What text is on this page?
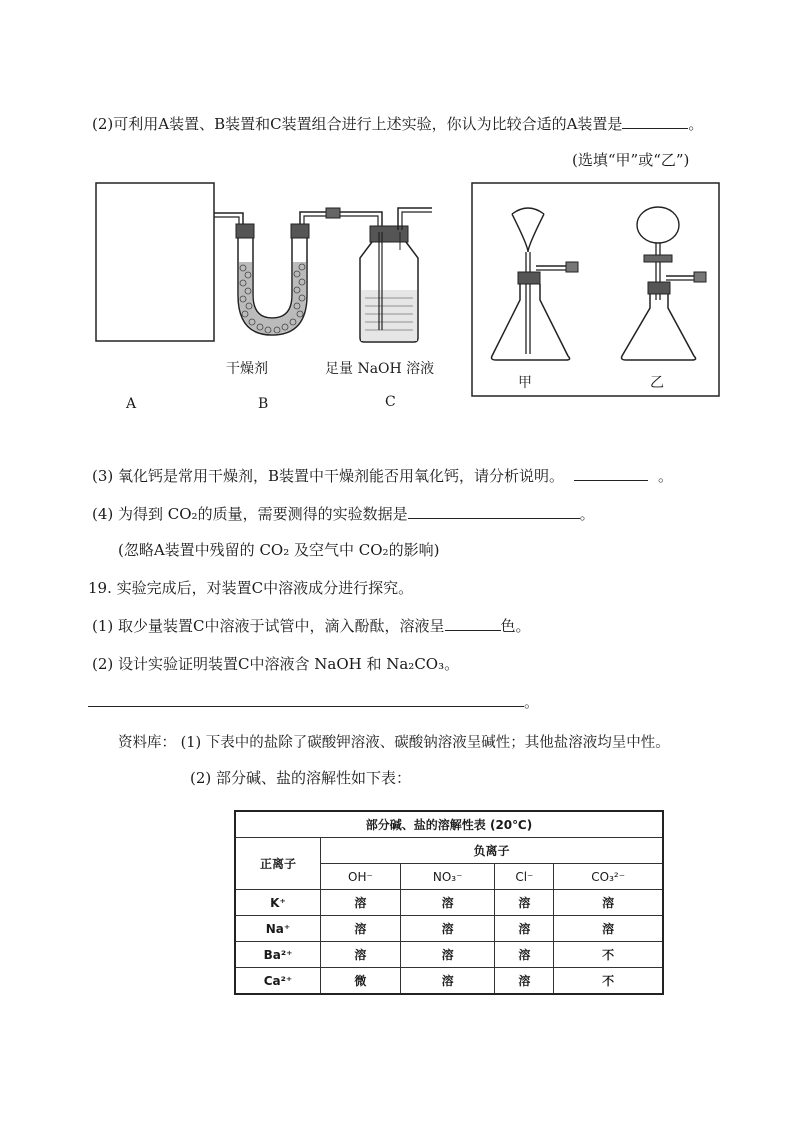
(2)可利用A装置、B装置和C装置组合进行上述实验，你认为比较合适的A装置是	。
(选填“甲”或“乙”)
干燥剂	足量 NaOH 溶液
A	B	C
甲	乙
(3) 氧化钙是常用干燥剂，B装置中干燥剂能否用氧化钙，请分析说明。	。
(4) 为得到 CO₂的质量，需要测得的实验数据是	。
(忽略A装置中残留的 CO₂ 及空气中 CO₂的影响)
19. 实验完成后，对装置C中溶液成分进行探究。
(1) 取少量装置C中溶液于试管中，滴入酚酞，溶液呈	色。
(2) 设计实验证明装置C中溶液含 NaOH 和 Na₂CO₃。
。
资料库： (1) 下表中的盐除了碳酸钾溶液、碳酸钠溶液呈碱性；其他盐溶液均呈中性。
(2) 部分碱、盐的溶解性如下表：
部分碱、盐的溶解性表 (20℃)				
正离子	负离子			
	OH⁻	NO₃⁻	Cl⁻	CO₃²⁻
K⁺	溶	溶	溶	溶
Na⁺	溶	溶	溶	溶
Ba²⁺	溶	溶	溶	不
Ca²⁺	微	溶	溶	不
